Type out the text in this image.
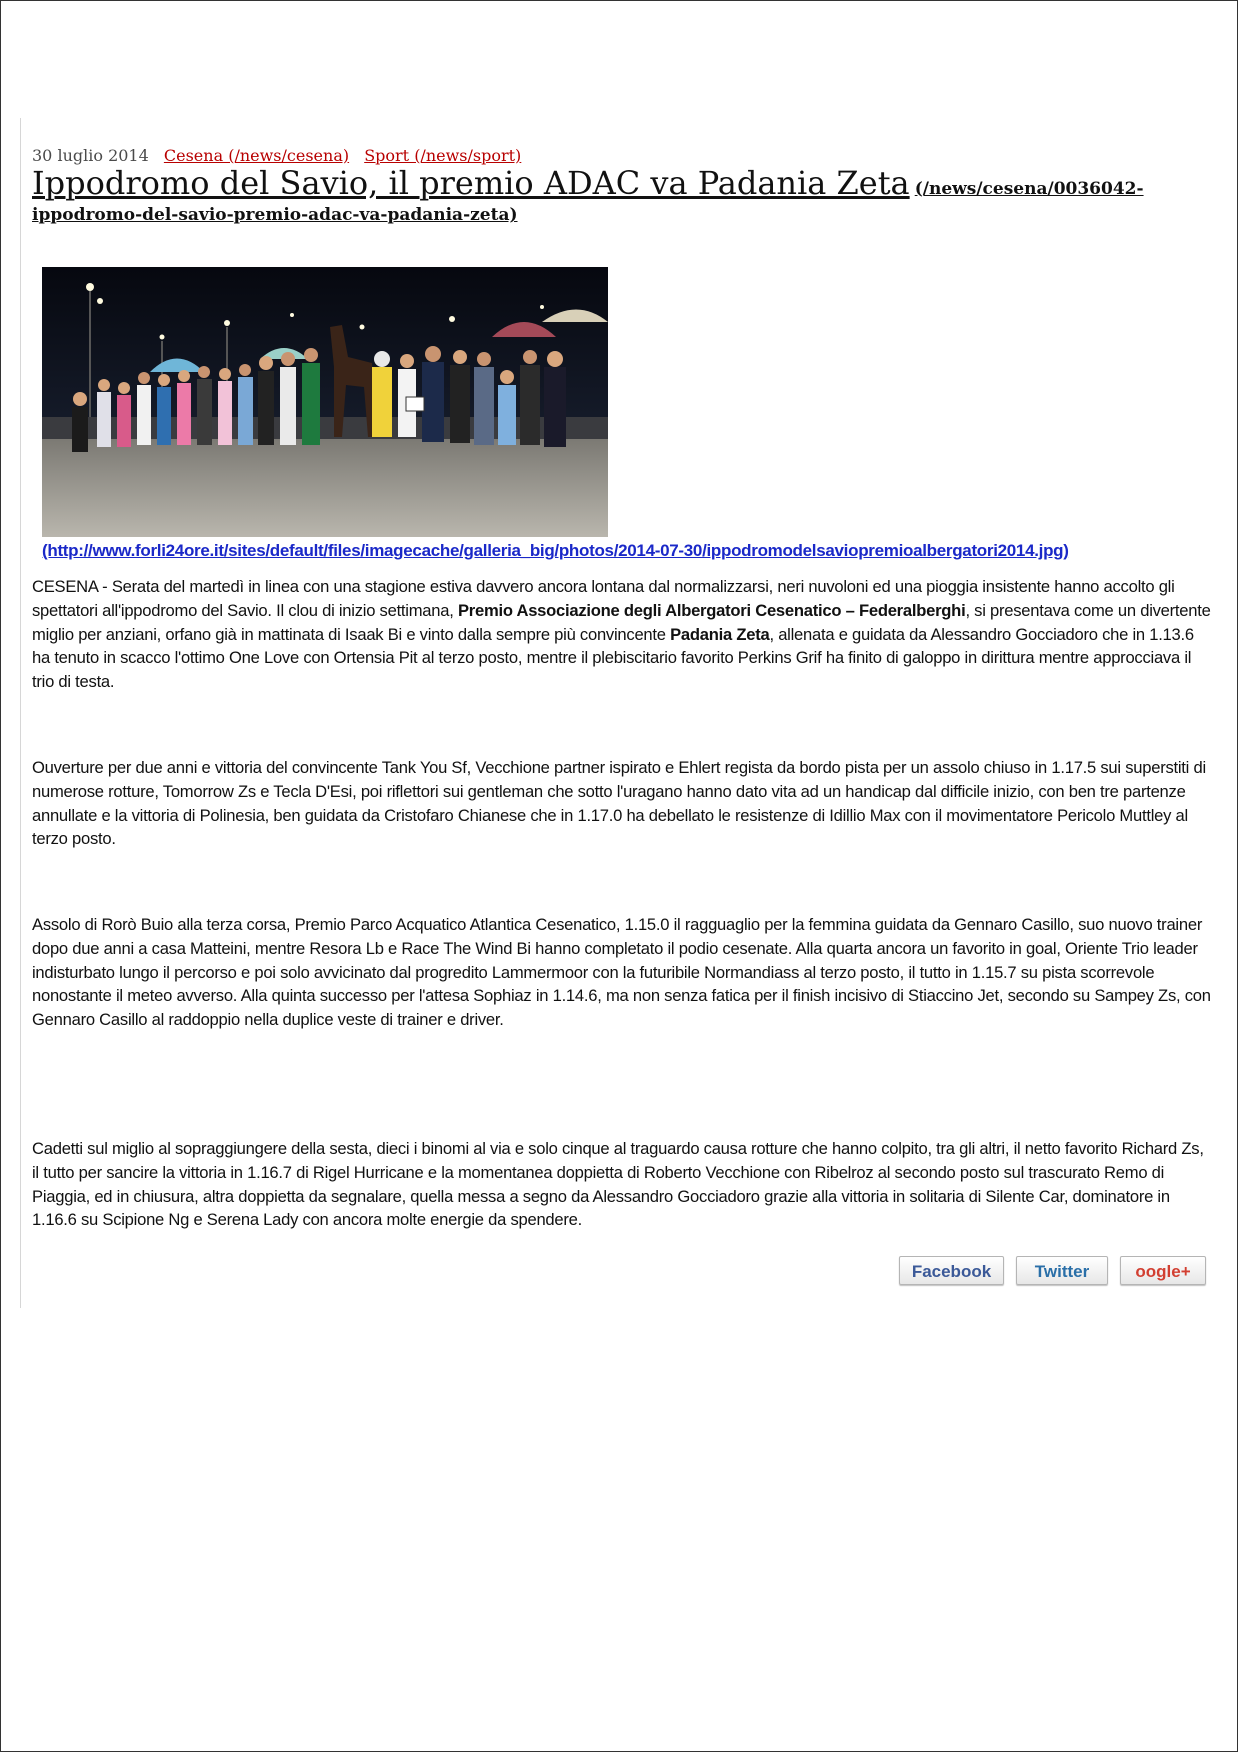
30 luglio 2014 Cesena (/news/cesena) Sport (/news/sport)
Ippodromo del Savio, il premio ADAC va Padania Zeta (/news/cesena/0036042-ippodromo-del-savio-premio-adac-va-padania-zeta)
(http://www.forli24ore.it/sites/default/files/imagecache/galleria_big/photos/2014-07-30/ippodromodelsaviopremioalbergatori2014.jpg)
CESENA - Serata del martedì in linea con una stagione estiva davvero ancora lontana dal normalizzarsi, neri nuvoloni ed una pioggia insistente hanno accolto gli spettatori all'ippodromo del Savio. Il clou di inizio settimana, Premio Associazione degli Albergatori Cesenatico – Federalberghi, si presentava come un divertente miglio per anziani, orfano già in mattinata di Isaak Bi e vinto dalla sempre più convincente Padania Zeta, allenata e guidata da Alessandro Gocciadoro che in 1.13.6 ha tenuto in scacco l'ottimo One Love con Ortensia Pit al terzo posto, mentre il plebiscitario favorito Perkins Grif ha finito di galoppo in dirittura mentre approcciava il trio di testa.
Ouverture per due anni e vittoria del convincente Tank You Sf, Vecchione partner ispirato e Ehlert regista da bordo pista per un assolo chiuso in 1.17.5 sui superstiti di numerose rotture, Tomorrow Zs e Tecla D'Esi, poi riflettori sui gentleman che sotto l'uragano hanno dato vita ad un handicap dal difficile inizio, con ben tre partenze annullate e la vittoria di Polinesia, ben guidata da Cristofaro Chianese che in 1.17.0 ha debellato le resistenze di Idillio Max con il movimentatore Pericolo Muttley al terzo posto.
Assolo di Rorò Buio alla terza corsa, Premio Parco Acquatico Atlantica Cesenatico, 1.15.0 il ragguaglio per la femmina guidata da Gennaro Casillo, suo nuovo trainer dopo due anni a casa Matteini, mentre Resora Lb e Race The Wind Bi hanno completato il podio cesenate. Alla quarta ancora un favorito in goal, Oriente Trio leader indisturbato lungo il percorso e poi solo avvicinato dal progredito Lammermoor con la futuribile Normandiass al terzo posto, il tutto in 1.15.7 su pista scorrevole nonostante il meteo avverso. Alla quinta successo per l'attesa Sophiaz in 1.14.6, ma non senza fatica per il finish incisivo di Stiaccino Jet, secondo su Sampey Zs, con Gennaro Casillo al raddoppio nella duplice veste di trainer e driver.
Cadetti sul miglio al sopraggiungere della sesta, dieci i binomi al via e solo cinque al traguardo causa rotture che hanno colpito, tra gli altri, il netto favorito Richard Zs, il tutto per sancire la vittoria in 1.16.7 di Rigel Hurricane e la momentanea doppietta di Roberto Vecchione con Ribelroz al secondo posto sul trascurato Remo di Piaggia, ed in chiusura, altra doppietta da segnalare, quella messa a segno da Alessandro Gocciadoro grazie alla vittoria in solitaria di Silente Car, dominatore in 1.16.6 su Scipione Ng e Serena Lady con ancora molte energie da spendere.
Facebook	Twitter	oogle+
